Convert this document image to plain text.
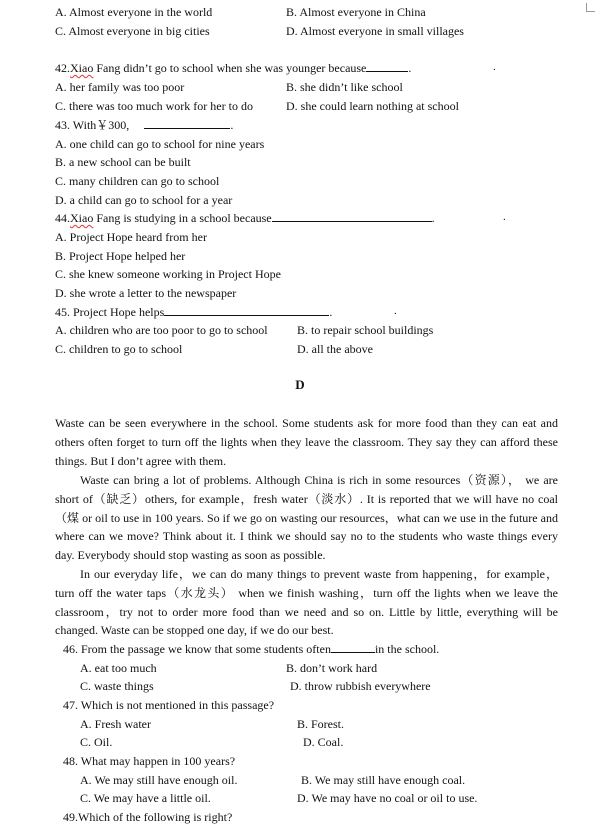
A. Almost everyone in the world	B. Almost everyone in China
C. Almost everyone in big cities	D. Almost everyone in small villages
42.Xiao Fang didn’t go to school when she was younger because	.	.
A. her family was too poor	B. she didn’t like school
C. there was too much work for her to do	D. she could learn nothing at school
43. With￥300,	.
A. one child can go to school for nine years
B. a new school can be built
C. many children can go to school
D. a child can go to school for a year
44.Xiao Fang is studying in a school because	.	.
A. Project Hope heard from her
B. Project Hope helped her
C. she knew someone working in Project Hope
D. she wrote a letter to the newspaper
45. Project Hope helps	.	.
A. children who are too poor to go to school B. to repair school buildings
C. children to go to school	D. all the above
D
Waste can be seen everywhere in the school. Some students ask for more food than they can eat and others often forget to turn off the lights when they leave the classroom. They say they can afford these things. But I don’t agree with them.
Waste can bring a lot of problems. Although China is rich in some resources（资源）， we are short of（缺乏）others, for example，fresh water（淡水）. It is reported that we will have no coal（煤 or oil to use in 100 years. So if we go on wasting our resources，what can we use in the future and where can we move? Think about it. I think we should say no to the students who waste things every day. Everybody should stop wasting as soon as possible.
In our everyday life，we can do many things to prevent waste from happening，for example，turn off the water taps（水龙头） when we finish washing，turn off the lights when we leave the classroom，try not to order more food than we need and so on. Little by little, everything will be changed. Waste can be stopped one day, if we do our best.
46. From the passage we know that some students often	in the school.
A. eat too much	B. don’t work hard
C. waste things	D. throw rubbish everywhere
47. Which is not mentioned in this passage?
A. Fresh water	B. Forest.
C. Oil.	D. Coal.
48. What may happen in 100 years?
A. We may still have enough oil.	B. We may still have enough coal.
C. We may have a little oil.	D. We may have no coal or oil to use.
49.Which of the following is right?
